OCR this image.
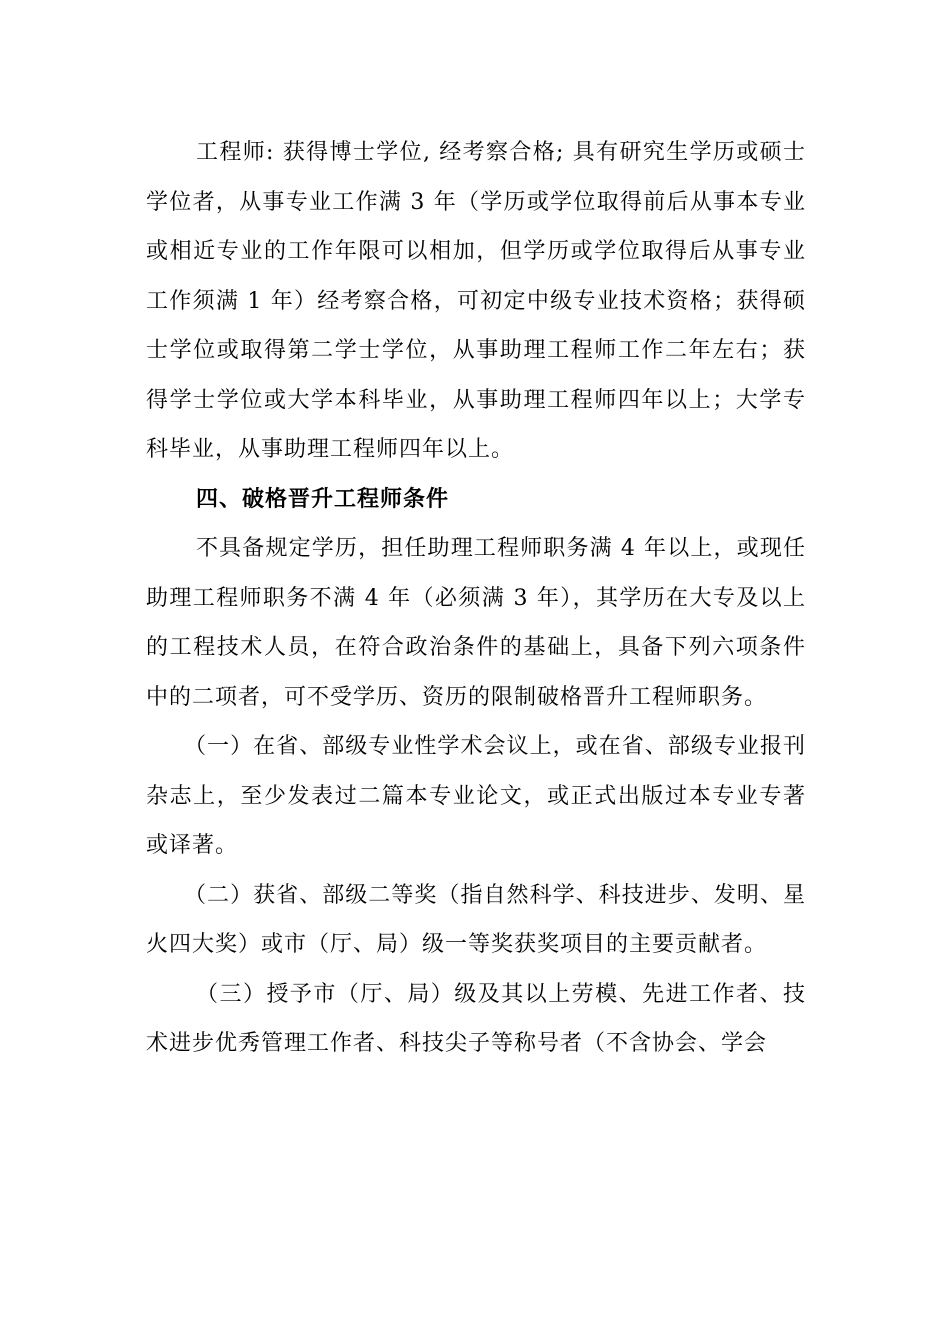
工程师: 获得博士学位, 经考察合格; 具有研究生学历或硕士学位者，从事专业工作满 3 年（学历或学位取得前后从事本专业或相近专业的工作年限可以相加，但学历或学位取得后从事专业工作须满 1 年）经考察合格，可初定中级专业技术资格；获得硕士学位或取得第二学士学位，从事助理工程师工作二年左右；获得学士学位或大学本科毕业，从事助理工程师四年以上；大学专科毕业，从事助理工程师四年以上。

四、破格晋升工程师条件

不具备规定学历，担任助理工程师职务满 4 年以上，或现任助理工程师职务不满 4 年（必须满 3 年），其学历在大专及以上的工程技术人员，在符合政治条件的基础上，具备下列六项条件中的二项者，可不受学历、资历的限制破格晋升工程师职务。

（一）在省、部级专业性学术会议上，或在省、部级专业报刊杂志上，至少发表过二篇本专业论文，或正式出版过本专业专著或译著。

（二）获省、部级二等奖（指自然科学、科技进步、发明、星火四大奖）或市（厅、局）级一等奖获奖项目的主要贡献者。

（三）授予市（厅、局）级及其以上劳模、先进工作者、技术进步优秀管理工作者、科技尖子等称号者（不含协会、学会
